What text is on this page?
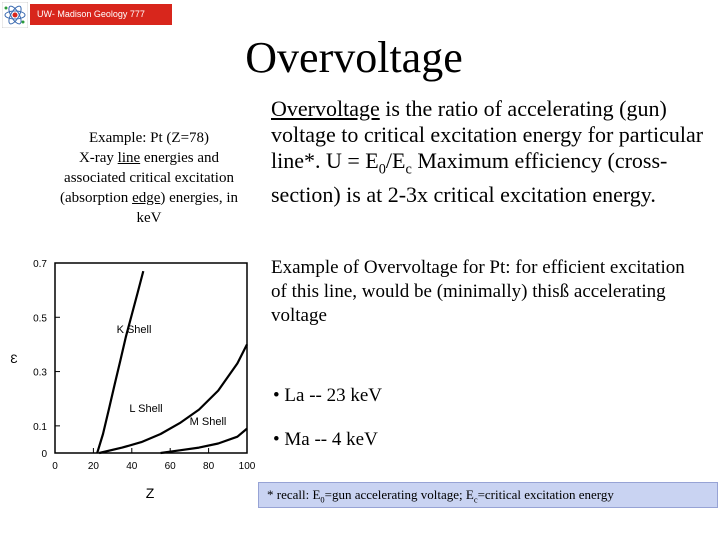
UW- Madison Geology 777
Overvoltage
Example: Pt (Z=78)
X-ray line energies and
associated critical excitation
(absorption edge) energies, in
keV
Overvoltage is the ratio of accelerating (gun) voltage to critical excitation energy for particular line*. $U = E_0/E_c$ Maximum efficiency (cross-section) is at 2-3x critical excitation energy.
Example of Overvoltage for Pt: for efficient excitation of this line, would be (minimally) thisß accelerating voltage
• La -- 23 keV
• Ma -- 4 keV
* recall: $E_0=gun$ accelerating voltage; $E_c=critical$ excitation energy
0
0.1
0.3
0.5
0.7
0	20	40	60	80 100
Z
Ɛ
K Shell
L Shell
M Shell
